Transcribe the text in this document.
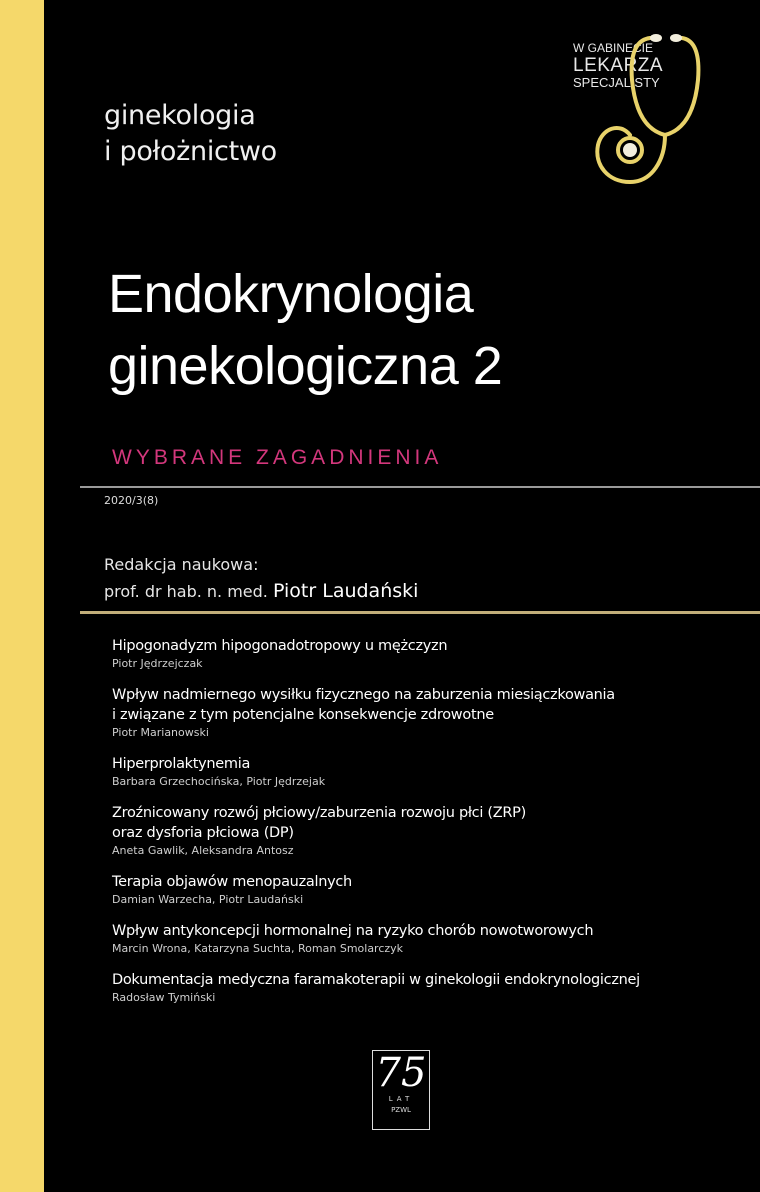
ginekologia
i położnictwo
W GABINECIE
LEKARZA
SPECJALISTY
Endokrynologia
ginekologiczna 2
WYBRANE ZAGADNIENIA
2020/3(8)
Redakcja naukowa:
prof. dr hab. n. med. Piotr Laudański
Hipogonadyzm hipogonadotropowy u mężczyzn
Piotr Jędrzejczak
Wpływ nadmiernego wysiłku fizycznego na zaburzenia miesiączkowania
i związane z tym potencjalne konsekwencje zdrowotne
Piotr Marianowski
Hiperprolaktynemia
Barbara Grzechocińska, Piotr Jędrzejak
Zroźnicowany rozwój płciowy/zaburzenia rozwoju płci (ZRP)
oraz dysforia płciowa (DP)
Aneta Gawlik, Aleksandra Antosz
Terapia objawów menopauzalnych
Damian Warzecha, Piotr Laudański
Wpływ antykoncepcji hormonalnej na ryzyko chorób nowotworowych
Marcin Wrona, Katarzyna Suchta, Roman Smolarczyk
Dokumentacja medyczna faramakoterapii w ginekologii endokrynologicznej
Radosław Tymiński
75
LAT
PZWL
